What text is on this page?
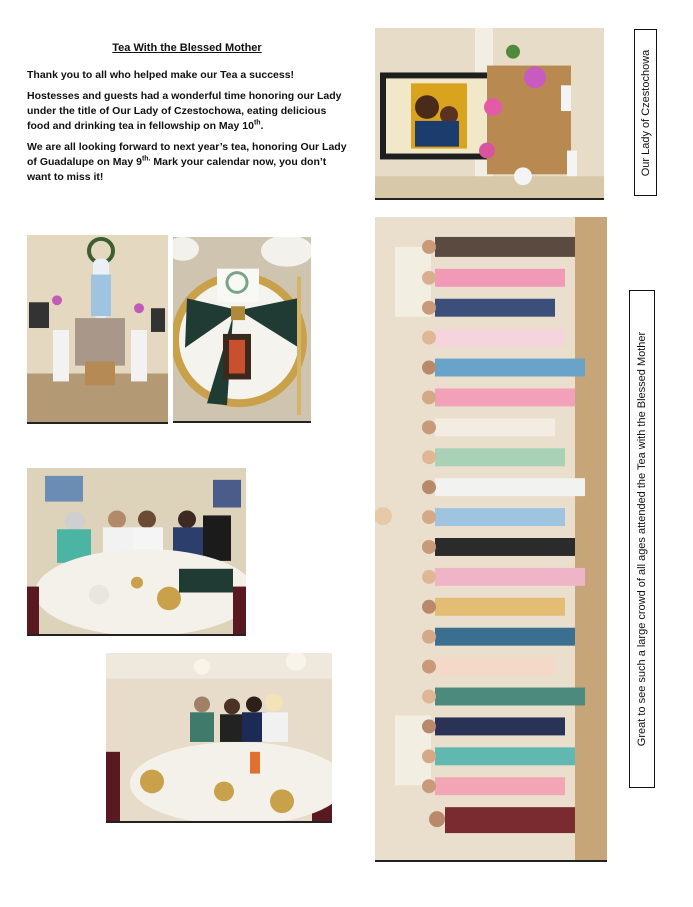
Tea With the Blessed Mother

Thank you to all who helped make our Tea a success!

Hostesses and guests had a wonderful time honoring our Lady under the title of Our Lady of Czestochowa, eating delicious food and drinking tea in fellowship on May 10th.

We are all looking forward to next year’s tea, honoring Our Lady of Guadalupe on May $9^{th.}$ Mark your calendar now, you don’t want to miss it!

Our Lady of Czestochowa
Great to see such a large crowd of all ages attended the Tea with the Blessed Mother
